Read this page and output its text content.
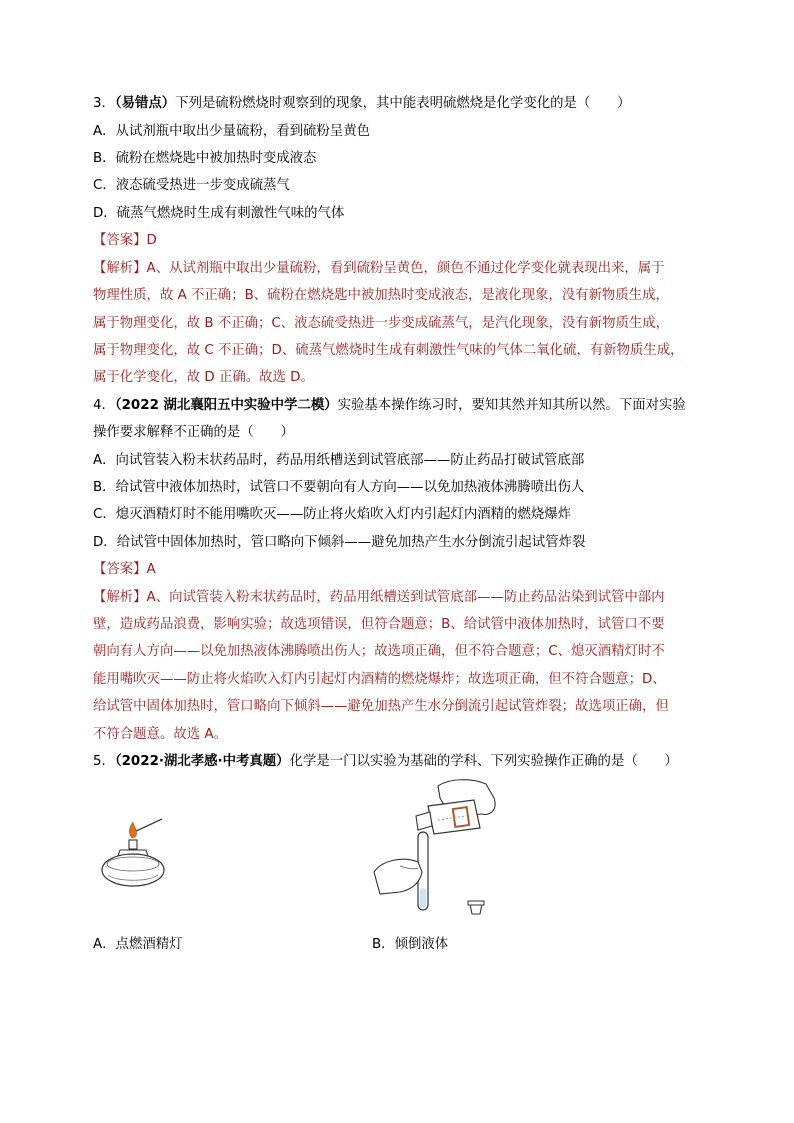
3．（易错点）下列是硫粉燃烧时观察到的现象，其中能表明硫燃烧是化学变化的是（　　）
A．从试剂瓶中取出少量硫粉，看到硫粉呈黄色
B．硫粉在燃烧匙中被加热时变成液态
C．液态硫受热进一步变成硫蒸气
D．硫蒸气燃烧时生成有刺激性气味的气体
【答案】D
【解析】A、从试剂瓶中取出少量硫粉，看到硫粉呈黄色，颜色不通过化学变化就表现出来，属于
物理性质，故 A 不正确；B、硫粉在燃烧匙中被加热时变成液态，是液化现象，没有新物质生成，
属于物理变化，故 B 不正确；C、液态硫受热进一步变成硫蒸气，是汽化现象，没有新物质生成，
属于物理变化，故 C 不正确；D、硫蒸气燃烧时生成有刺激性气味的气体二氧化硫，有新物质生成，
属于化学变化，故 D 正确。故选 D。
4．（2022 湖北襄阳五中实验中学二模）实验基本操作练习时，要知其然并知其所以然。下面对实验
操作要求解释不正确的是（　　）
A．向试管装入粉末状药品时，药品用纸槽送到试管底部——防止药品打破试管底部
B．给试管中液体加热时，试管口不要朝向有人方向——以免加热液体沸腾喷出伤人
C．熄灭酒精灯时不能用嘴吹灭——防止将火焰吹入灯内引起灯内酒精的燃烧爆炸
D．给试管中固体加热时，管口略向下倾斜——避免加热产生水分倒流引起试管炸裂
【答案】A
【解析】A、向试管装入粉末状药品时，药品用纸槽送到试管底部——防止药品沾染到试管中部内
壁，造成药品浪费，影响实验；故选项错误，但符合题意；B、给试管中液体加热时，试管口不要
朝向有人方向——以免加热液体沸腾喷出伤人；故选项正确，但不符合题意；C、熄灭酒精灯时不
能用嘴吹灭——防止将火焰吹入灯内引起灯内酒精的燃烧爆炸；故选项正确，但不符合题意；D、
给试管中固体加热时，管口略向下倾斜——避免加热产生水分倒流引起试管炸裂；故选项正确，但
不符合题意。故选 A。
5．（2022·湖北孝感·中考真题）化学是一门以实验为基础的学科、下列实验操作正确的是（　　）
A．点燃酒精灯	B．倾倒液体
